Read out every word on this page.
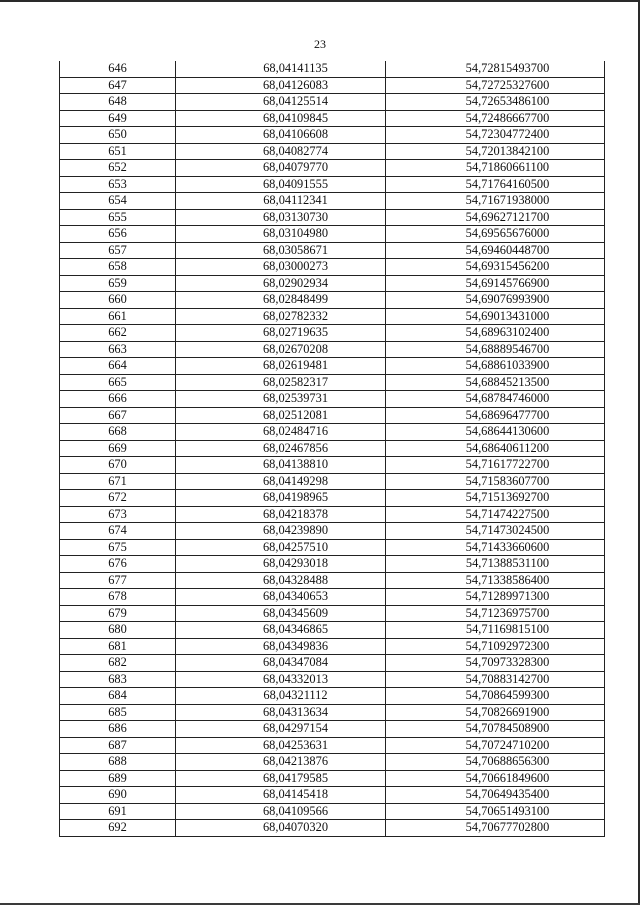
23
646	68,04141135	54,72815493700
647	68,04126083	54,72725327600
648	68,04125514	54,72653486100
649	68,04109845	54,72486667700
650	68,04106608	54,72304772400
651	68,04082774	54,72013842100
652	68,04079770	54,71860661100
653	68,04091555	54,71764160500
654	68,04112341	54,71671938000
655	68,03130730	54,69627121700
656	68,03104980	54,69565676000
657	68,03058671	54,69460448700
658	68,03000273	54,69315456200
659	68,02902934	54,69145766900
660	68,02848499	54,69076993900
661	68,02782332	54,69013431000
662	68,02719635	54,68963102400
663	68,02670208	54,68889546700
664	68,02619481	54,68861033900
665	68,02582317	54,68845213500
666	68,02539731	54,68784746000
667	68,02512081	54,68696477700
668	68,02484716	54,68644130600
669	68,02467856	54,68640611200
670	68,04138810	54,71617722700
671	68,04149298	54,71583607700
672	68,04198965	54,71513692700
673	68,04218378	54,71474227500
674	68,04239890	54,71473024500
675	68,04257510	54,71433660600
676	68,04293018	54,71388531100
677	68,04328488	54,71338586400
678	68,04340653	54,71289971300
679	68,04345609	54,71236975700
680	68,04346865	54,71169815100
681	68,04349836	54,71092972300
682	68,04347084	54,70973328300
683	68,04332013	54,70883142700
684	68,04321112	54,70864599300
685	68,04313634	54,70826691900
686	68,04297154	54,70784508900
687	68,04253631	54,70724710200
688	68,04213876	54,70688656300
689	68,04179585	54,70661849600
690	68,04145418	54,70649435400
691	68,04109566	54,70651493100
692	68,04070320	54,70677702800
